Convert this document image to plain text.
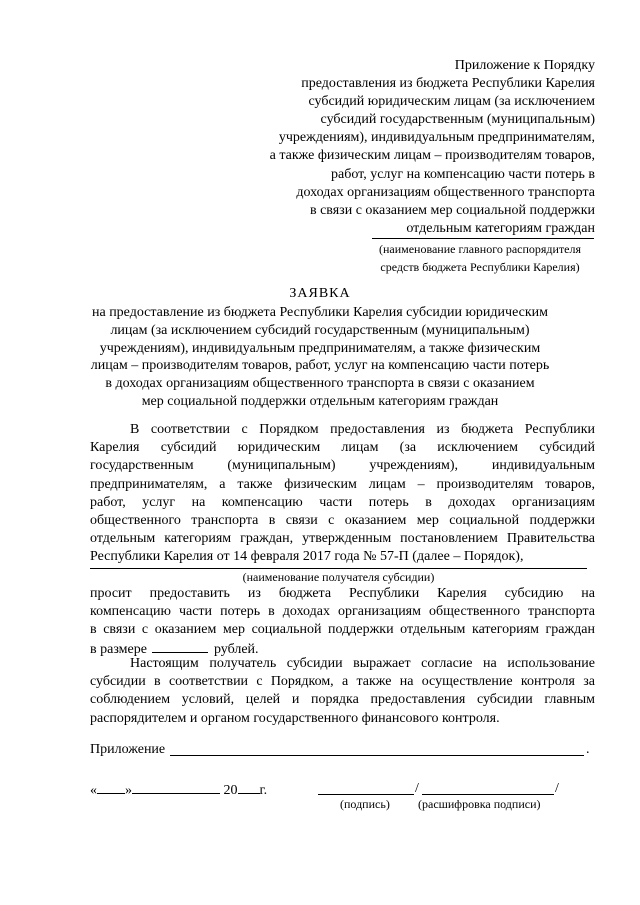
Приложение к Порядку
предоставления из бюджета Республики Карелия
субсидий юридическим лицам (за исключением
субсидий государственным (муниципальным)
учреждениям), индивидуальным предпринимателям,
а также физическим лицам – производителям товаров,
работ, услуг на компенсацию части потерь в
доходах организациям общественного транспорта
в связи с оказанием мер социальной поддержки
отдельным категориям граждан
(наименование главного распорядителя
средств бюджета Республики Карелия)
ЗАЯВКА
на предоставление из бюджета Республики Карелия субсидии юридическим
лицам (за исключением субсидий государственным (муниципальным)
учреждениям), индивидуальным предпринимателям, а также физическим
лицам – производителям товаров, работ, услуг на компенсацию части потерь
в доходах организациям общественного транспорта в связи с оказанием
мер социальной поддержки отдельным категориям граждан
В соответствии с Порядком предоставления из бюджета Республики
Карелия субсидий юридическим лицам (за исключением субсидий
государственным (муниципальным) учреждениям), индивидуальным
предпринимателям, а также физическим лицам – производителям товаров,
работ, услуг на компенсацию части потерь в доходах организациям
общественного транспорта в связи с оказанием мер социальной поддержки
отдельным категориям граждан, утвержденным постановлением Правительства
Республики Карелия от 14 февраля 2017 года № 57-П (далее – Порядок),
(наименование получателя субсидии)
просит предоставить из бюджета Республики Карелия субсидию на
компенсацию части потерь в доходах организациям общественного транспорта
в связи с оказанием мер социальной поддержки отдельным категориям граждан
в размере	рублей.
Настоящим получатель субсидии выражает согласие на использование
субсидии в соответствии с Порядком, а также на осуществление контроля за
соблюдением условий, целей и порядка предоставления субсидии главным
распорядителем и органом государственного финансового контроля.
Приложение	.
« »	20 г.	/	/
(подпись) (расшифровка подписи)
